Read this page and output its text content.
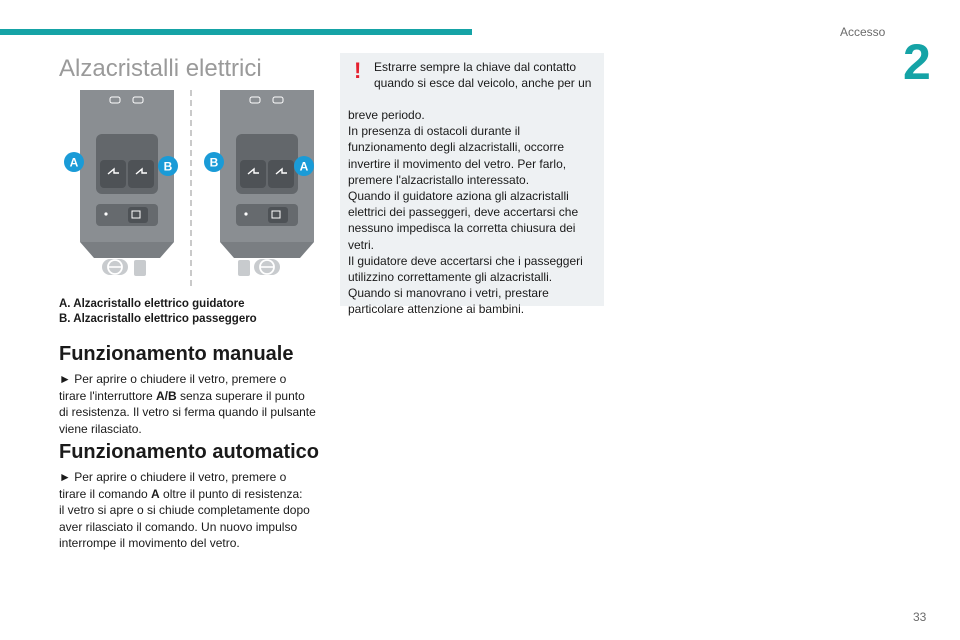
Accesso
2
Alzacristalli elettrici
A	B	B	A
A. Alzacristallo elettrico guidatore
B. Alzacristallo elettrico passeggero
Funzionamento manuale
► Per aprire o chiudere il vetro, premere o
tirare l'interruttore A/B senza superare il punto
di resistenza. Il vetro si ferma quando il pulsante
viene rilasciato.
Funzionamento automatico
► Per aprire o chiudere il vetro, premere o
tirare il comando A oltre il punto di resistenza:
il vetro si apre o si chiude completamente dopo
aver rilasciato il comando. Un nuovo impulso
interrompe il movimento del vetro.
!	Estrarre sempre la chiave dal contatto
quando si esce dal veicolo, anche per un
breve periodo.
In presenza di ostacoli durante il
funzionamento degli alzacristalli, occorre
invertire il movimento del vetro. Per farlo,
premere l'alzacristallo interessato.
Quando il guidatore aziona gli alzacristalli
elettrici dei passeggeri, deve accertarsi che
nessuno impedisca la corretta chiusura dei
vetri.
Il guidatore deve accertarsi che i passeggeri
utilizzino correttamente gli alzacristalli.
Quando si manovrano i vetri, prestare
particolare attenzione ai bambini.
33
